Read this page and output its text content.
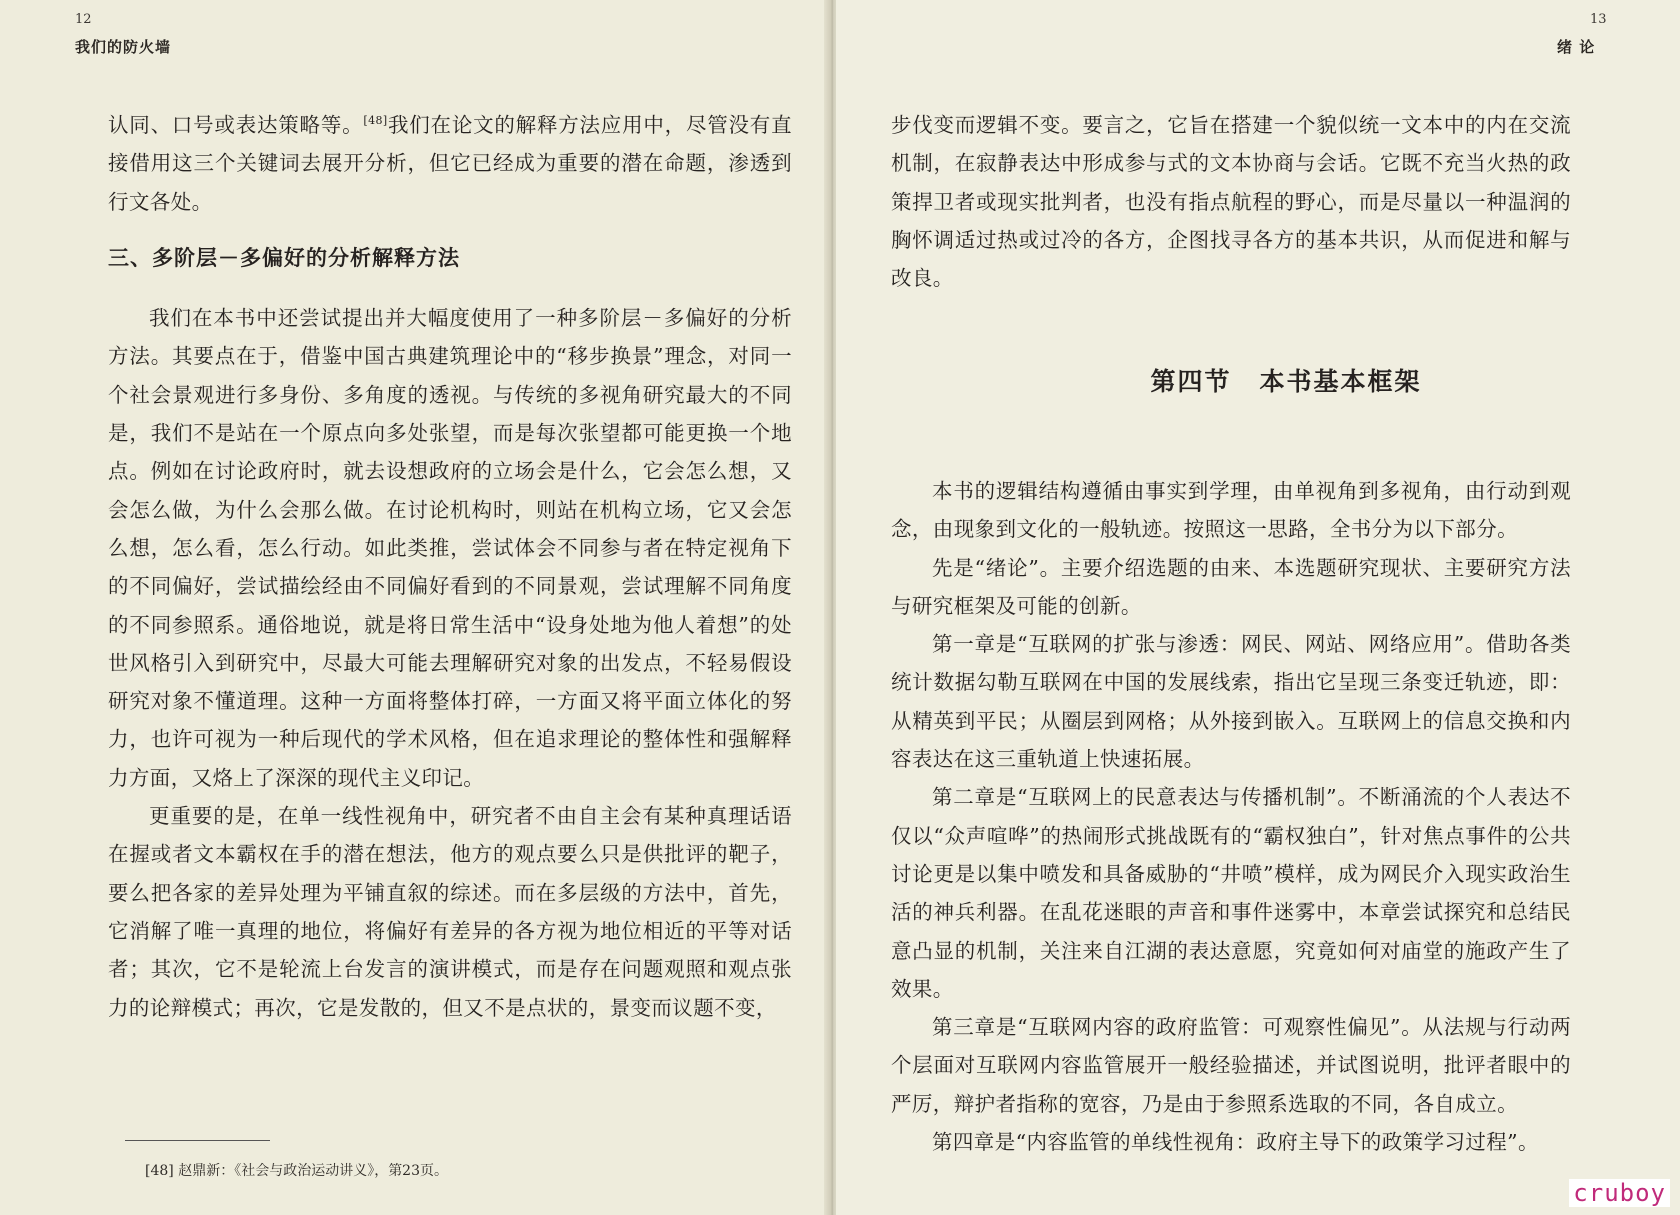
12
我们的防火墙

认同、口号或表达策略等。[48]我们在论文的解释方法应用中，尽管没有直接借用这三个关键词去展开分析，但它已经成为重要的潜在命题，渗透到行文各处。

三、多阶层－多偏好的分析解释方法

我们在本书中还尝试提出并大幅度使用了一种多阶层－多偏好的分析方法。其要点在于，借鉴中国古典建筑理论中的“移步换景”理念，对同一个社会景观进行多身份、多角度的透视。与传统的多视角研究最大的不同是，我们不是站在一个原点向多处张望，而是每次张望都可能更换一个地点。例如在讨论政府时，就去设想政府的立场会是什么，它会怎么想，又会怎么做，为什么会那么做。在讨论机构时，则站在机构立场，它又会怎么想，怎么看，怎么行动。如此类推，尝试体会不同参与者在特定视角下的不同偏好，尝试描绘经由不同偏好看到的不同景观，尝试理解不同角度的不同参照系。通俗地说，就是将日常生活中“设身处地为他人着想”的处世风格引入到研究中，尽最大可能去理解研究对象的出发点，不轻易假设研究对象不懂道理。这种一方面将整体打碎，一方面又将平面立体化的努力，也许可视为一种后现代的学术风格，但在追求理论的整体性和强解释力方面，又烙上了深深的现代主义印记。

更重要的是，在单一线性视角中，研究者不由自主会有某种真理话语在握或者文本霸权在手的潜在想法，他方的观点要么只是供批评的靶子，要么把各家的差异处理为平铺直叙的综述。而在多层级的方法中，首先，它消解了唯一真理的地位，将偏好有差异的各方视为地位相近的平等对话者；其次，它不是轮流上台发言的演讲模式，而是存在问题观照和观点张力的论辩模式；再次，它是发散的，但又不是点状的，景变而议题不变，

[48] 赵鼎新：《社会与政治运动讲义》，第23页。
13
绪 论

步伐变而逻辑不变。要言之，它旨在搭建一个貌似统一文本中的内在交流机制，在寂静表达中形成参与式的文本协商与会话。它既不充当火热的政策捍卫者或现实批判者，也没有指点航程的野心，而是尽量以一种温润的胸怀调适过热或过冷的各方，企图找寻各方的基本共识，从而促进和解与改良。

第四节 本书基本框架

本书的逻辑结构遵循由事实到学理，由单视角到多视角，由行动到观念，由现象到文化的一般轨迹。按照这一思路，全书分为以下部分。

先是“绪论”。主要介绍选题的由来、本选题研究现状、主要研究方法与研究框架及可能的创新。

第一章是“互联网的扩张与渗透：网民、网站、网络应用”。借助各类统计数据勾勒互联网在中国的发展线索，指出它呈现三条变迁轨迹，即：从精英到平民；从圈层到网格；从外接到嵌入。互联网上的信息交换和内容表达在这三重轨道上快速拓展。

第二章是“互联网上的民意表达与传播机制”。不断涌流的个人表达不仅以“众声喧哗”的热闹形式挑战既有的“霸权独白”，针对焦点事件的公共讨论更是以集中喷发和具备威胁的“井喷”模样，成为网民介入现实政治生活的神兵利器。在乱花迷眼的声音和事件迷雾中，本章尝试探究和总结民意凸显的机制，关注来自江湖的表达意愿，究竟如何对庙堂的施政产生了效果。

第三章是“互联网内容的政府监管：可观察性偏见”。从法规与行动两个层面对互联网内容监管展开一般经验描述，并试图说明，批评者眼中的严厉，辩护者指称的宽容，乃是由于参照系选取的不同，各自成立。

第四章是“内容监管的单线性视角：政府主导下的政策学习过程”。

cruboy
